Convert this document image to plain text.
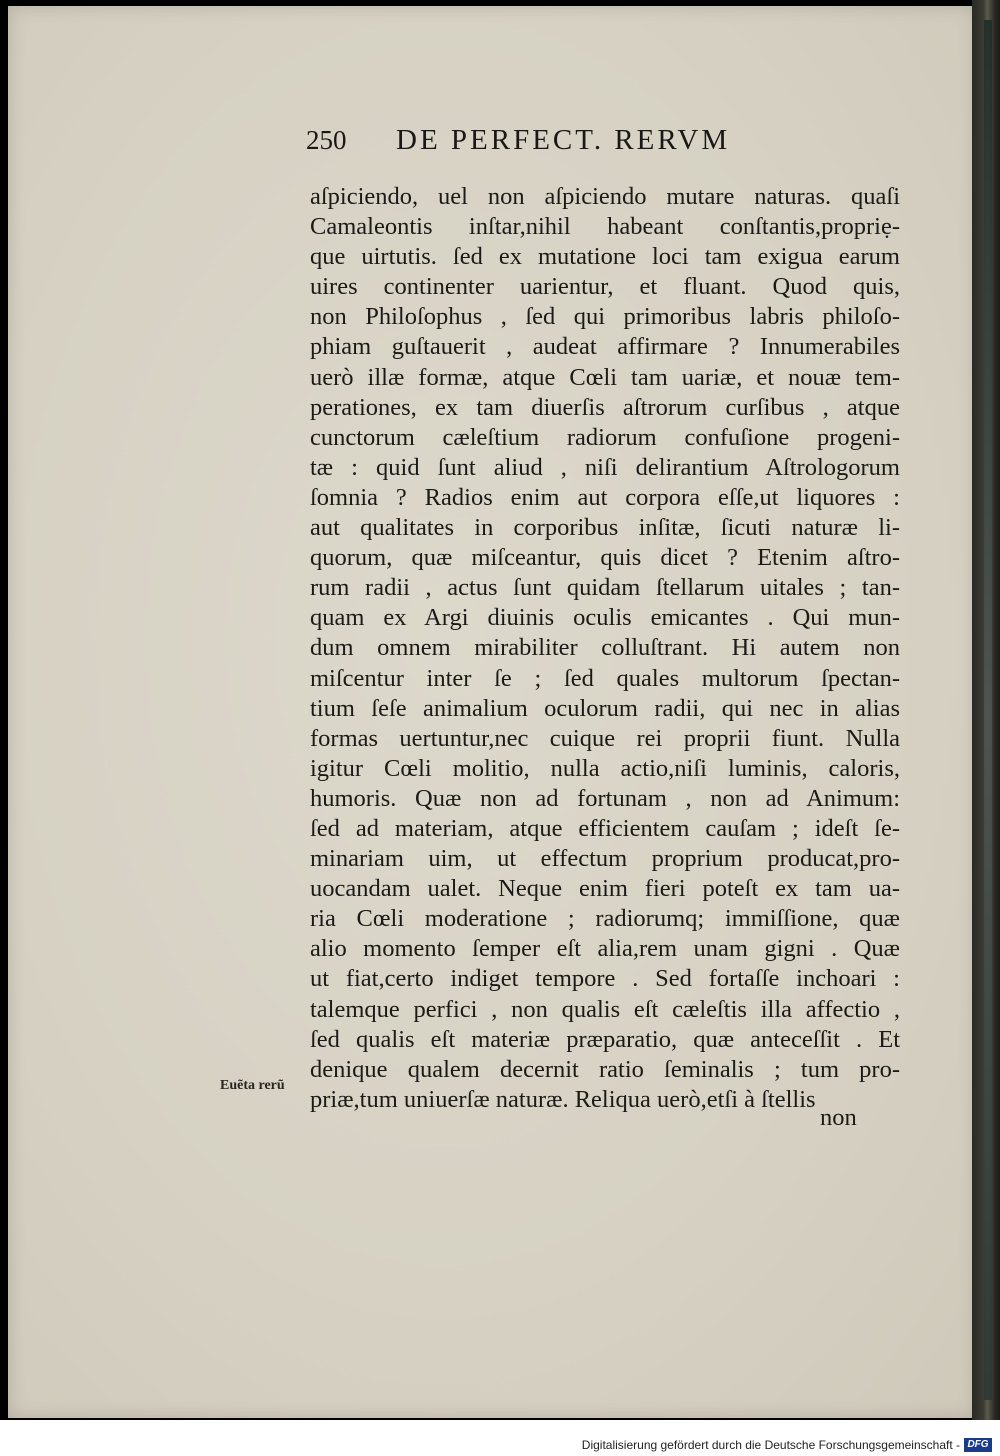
250 DE PERFECT. RERVM
aſpiciendo, uel non aſpiciendo mutare naturas. quaſi
Camaleontis inſtar,nihil habeant conſtantis,propriẹ-
que uirtutis. ſed ex mutatione loci tam exigua earum
uires continenter uarientur, et fluant. Quod quis,
non Philoſophus , ſed qui primoribus labris philoſo-
phiam guſtauerit , audeat affirmare ? Innumerabiles
uerò illæ formæ, atque Cœli tam uariæ, et nouæ tem-
perationes, ex tam diuerſis aſtrorum curſibus , atque
cunctorum cæleſtium radiorum confuſione progeni-
tæ : quid ſunt aliud , niſi delirantium Aſtrologorum
ſomnia ? Radios enim aut corpora eſſe,ut liquores :
aut qualitates in corporibus inſitæ, ſicuti naturæ li-
quorum, quæ miſceantur, quis dicet ? Etenim aſtro-
rum radii , actus ſunt quidam ſtellarum uitales ; tan-
quam ex Argi diuinis oculis emicantes . Qui mun-
dum omnem mirabiliter colluſtrant. Hi autem non
miſcentur inter ſe ; ſed quales multorum ſpectan-
tium ſeſe animalium oculorum radii, qui nec in alias
formas uertuntur,nec cuique rei proprii fiunt. Nulla
igitur Cœli molitio, nulla actio,niſi luminis, caloris,
humoris. Quæ non ad fortunam , non ad Animum:
ſed ad materiam, atque efficientem cauſam ; ideſt ſe-
minariam uim, ut effectum proprium producat,pro-
uocandam ualet. Neque enim fieri poteſt ex tam ua-
ria Cœli moderatione ; radiorumq; immiſſione, quæ
alio momento ſemper eſt alia,rem unam gigni . Quæ
ut fiat,certo indiget tempore . Sed fortaſſe inchoari :
talemque perfici , non qualis eſt cæleſtis illa affectio ,
ſed qualis eſt materiæ præparatio, quæ anteceſſit . Et
denique qualem decernit ratio ſeminalis ; tum pro-
priæ,tum uniuerſæ naturæ. Reliqua uerò,etſi à ſtellis
Euẽta rerũ
non
Digitalisierung gefördert durch die Deutsche Forschungsgemeinschaft - DFG
